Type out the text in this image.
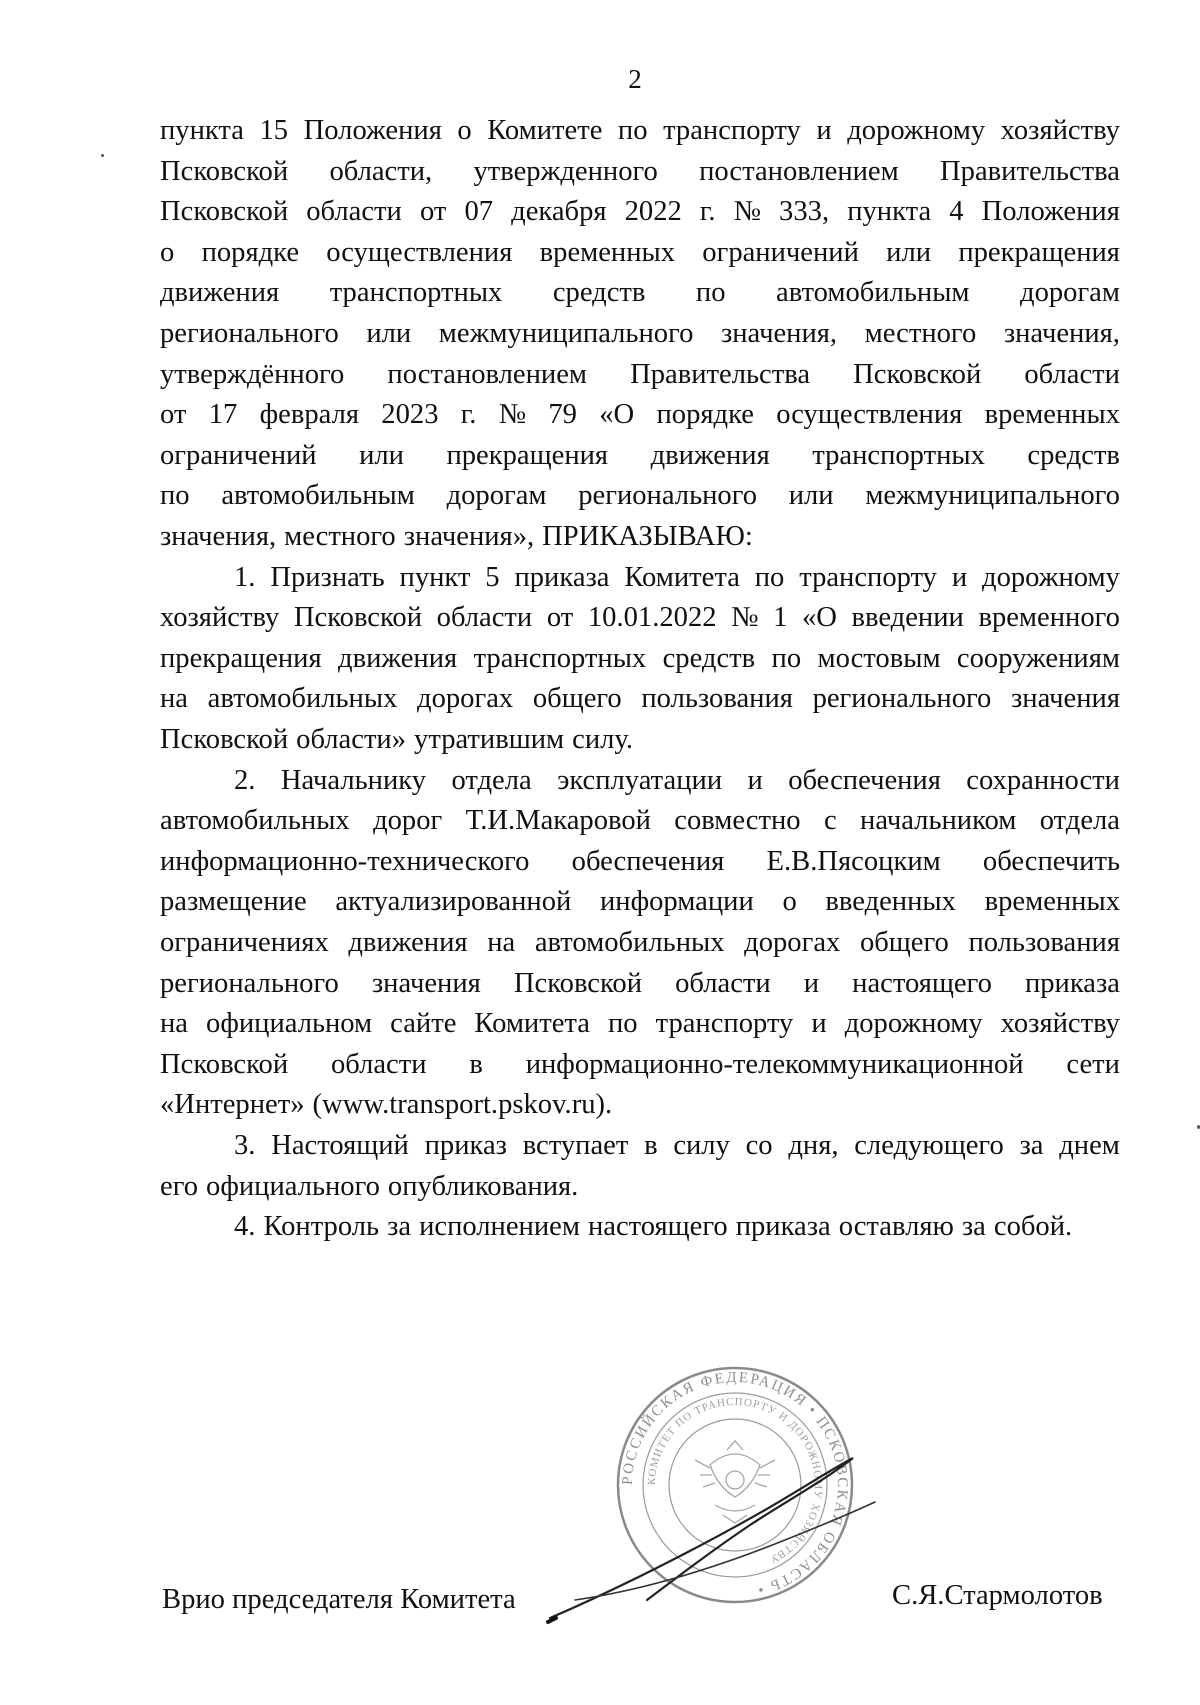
2
пункта 15 Положения о Комитете по транспорту и дорожному хозяйству
Псковской области, утвержденного постановлением Правительства
Псковской области от 07 декабря 2022 г. № 333, пункта 4 Положения
о порядке осуществления временных ограничений или прекращения
движения транспортных средств по автомобильным дорогам
регионального или межмуниципального значения, местного значения,
утверждённого постановлением Правительства Псковской области
от 17 февраля 2023 г. № 79 «О порядке осуществления временных
ограничений или прекращения движения транспортных средств
по автомобильным дорогам регионального или межмуниципального
значения, местного значения», ПРИКАЗЫВАЮ:
1. Признать пункт 5 приказа Комитета по транспорту и дорожному
хозяйству Псковской области от 10.01.2022 № 1 «О введении временного
прекращения движения транспортных средств по мостовым сооружениям
на автомобильных дорогах общего пользования регионального значения
Псковской области» утратившим силу.
2. Начальнику отдела эксплуатации и обеспечения сохранности
автомобильных дорог Т.И.Макаровой совместно с начальником отдела
информационно-технического обеспечения Е.В.Пясоцким обеспечить
размещение актуализированной информации о введенных временных
ограничениях движения на автомобильных дорогах общего пользования
регионального значения Псковской области и настоящего приказа
на официальном сайте Комитета по транспорту и дорожному хозяйству
Псковской области в информационно-телекоммуникационной сети
«Интернет» (www.transport.pskov.ru).
3. Настоящий приказ вступает в силу со дня, следующего за днем
его официального опубликования.
4. Контроль за исполнением настоящего приказа оставляю за собой.
РОССИЙСКАЯ ФЕДЕРАЦИЯ • ПСКОВСКАЯ ОБЛАСТЬ •
КОМИТЕТ ПО ТРАНСПОРТУ И ДОРОЖНОМУ ХОЗЯЙСТВУ
Врио председателя Комитета	С.Я.Стармолотов
